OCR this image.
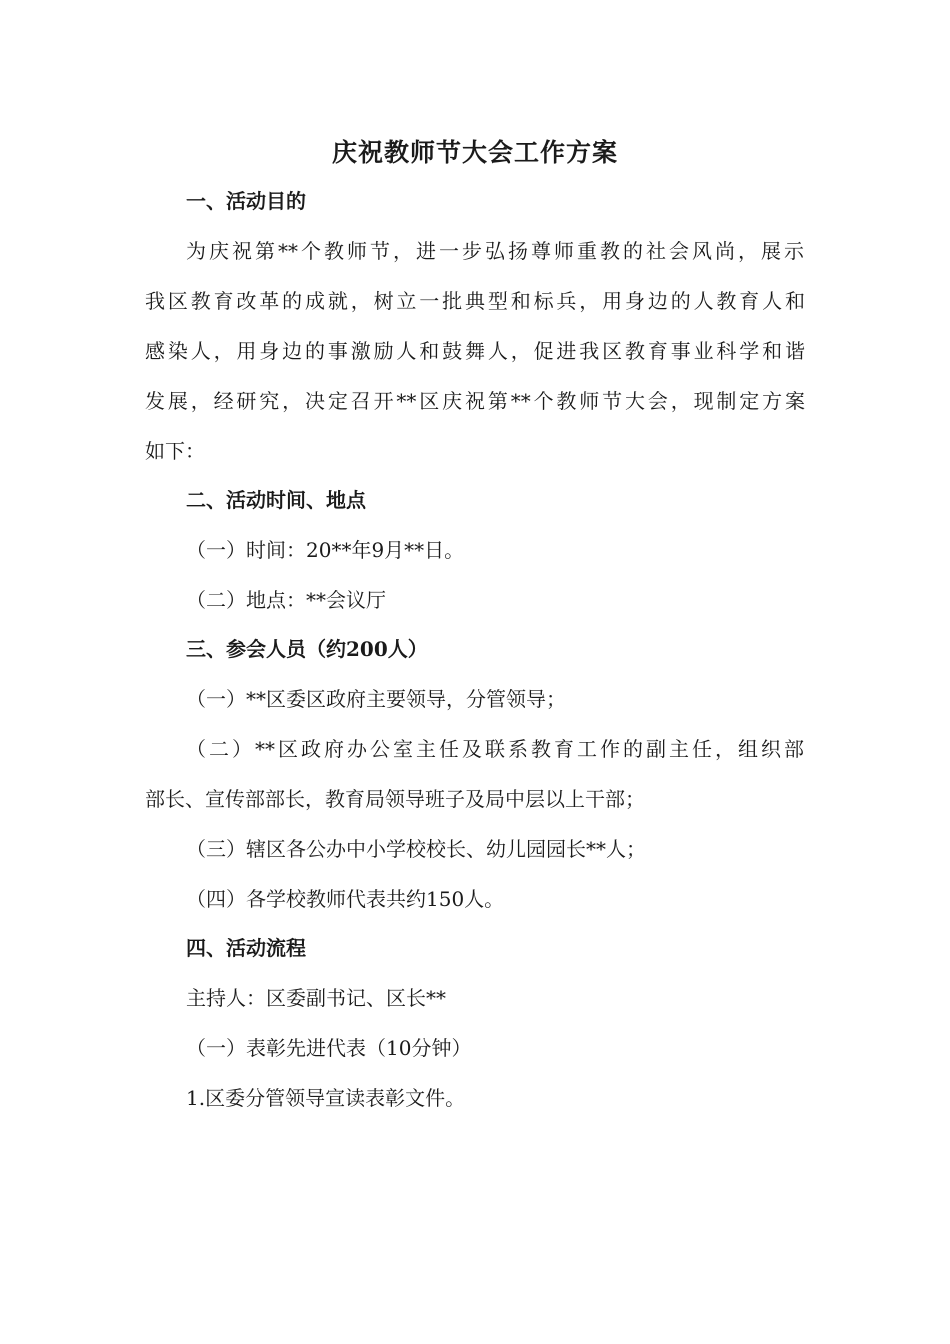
庆祝教师节大会工作方案

一、活动目的

为庆祝第**个教师节，进一步弘扬尊师重教的社会风尚，展示

我区教育改革的成就，树立一批典型和标兵，用身边的人教育人和

感染人，用身边的事激励人和鼓舞人，促进我区教育事业科学和谐

发展，经研究，决定召开**区庆祝第**个教师节大会，现制定方案

如下：

二、活动时间、地点

（一）时间：20**年9月**日。

（二）地点：**会议厅

三、参会人员（约200人）

（一）**区委区政府主要领导，分管领导；

（二）**区政府办公室主任及联系教育工作的副主任，组织部

部长、宣传部部长，教育局领导班子及局中层以上干部；

（三）辖区各公办中小学校校长、幼儿园园长**人；

（四）各学校教师代表共约150人。

四、活动流程

主持人：区委副书记、区长**

（一）表彰先进代表（10分钟）

1.区委分管领导宣读表彰文件。
